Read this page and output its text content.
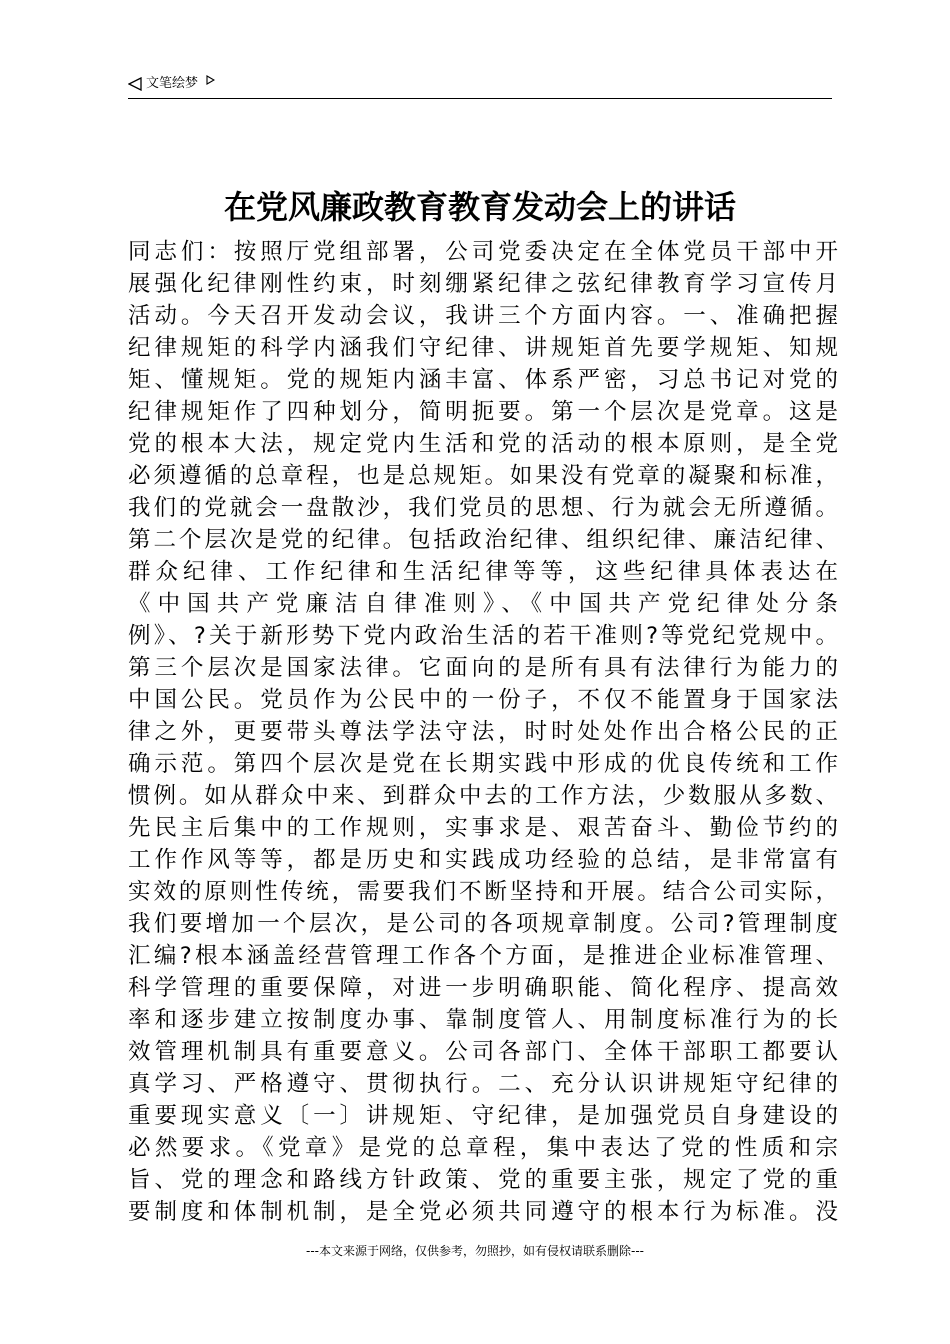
文笔绘梦
在党风廉政教育教育发动会上的讲话
同志们：按照厅党组部署，公司党委决定在全体党员干部中开
展强化纪律刚性约束，时刻绷紧纪律之弦纪律教育学习宣传月
活动。今天召开发动会议，我讲三个方面内容。一、准确把握
纪律规矩的科学内涵我们守纪律、讲规矩首先要学规矩、知规
矩、懂规矩。党的规矩内涵丰富、体系严密，习总书记对党的
纪律规矩作了四种划分，简明扼要。第一个层次是党章。这是
党的根本大法，规定党内生活和党的活动的根本原则，是全党
必须遵循的总章程，也是总规矩。如果没有党章的凝聚和标准，
我们的党就会一盘散沙，我们党员的思想、行为就会无所遵循。
第二个层次是党的纪律。包括政治纪律、组织纪律、廉洁纪律、
群众纪律、工作纪律和生活纪律等等，这些纪律具体表达在
《中国共产党廉洁自律准则》、《中国共产党纪律处分条
例》、?关于新形势下党内政治生活的若干准则?等党纪党规中。
第三个层次是国家法律。它面向的是所有具有法律行为能力的
中国公民。党员作为公民中的一份子，不仅不能置身于国家法
律之外，更要带头尊法学法守法，时时处处作出合格公民的正
确示范。第四个层次是党在长期实践中形成的优良传统和工作
惯例。如从群众中来、到群众中去的工作方法，少数服从多数、
先民主后集中的工作规则，实事求是、艰苦奋斗、勤俭节约的
工作作风等等，都是历史和实践成功经验的总结，是非常富有
实效的原则性传统，需要我们不断坚持和开展。结合公司实际，
我们要增加一个层次，是公司的各项规章制度。公司?管理制度
汇编?根本涵盖经营管理工作各个方面，是推进企业标准管理、
科学管理的重要保障，对进一步明确职能、简化程序、提高效
率和逐步建立按制度办事、靠制度管人、用制度标准行为的长
效管理机制具有重要意义。公司各部门、全体干部职工都要认
真学习、严格遵守、贯彻执行。二、充分认识讲规矩守纪律的
重要现实意义〔一〕讲规矩、守纪律，是加强党员自身建设的
必然要求。《党章》是党的总章程，集中表达了党的性质和宗
旨、党的理念和路线方针政策、党的重要主张，规定了党的重
要制度和体制机制，是全党必须共同遵守的根本行为标准。没
---本文来源于网络，仅供参考，勿照抄，如有侵权请联系删除---
